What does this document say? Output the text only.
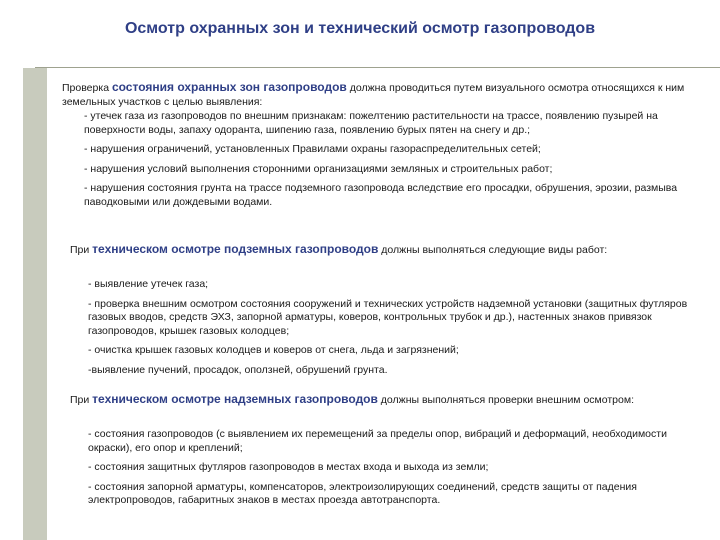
Осмотр охранных зон и технический осмотр газопроводов
Проверка состояния охранных зон газопроводов должна проводиться путем визуального осмотра относящихся к ним земельных участков с целью выявления:
- утечек газа из газопроводов по внешним признакам: пожелтению растительности на трассе, появлению пузырей на поверхности воды, запаху одоранта, шипению газа, появлению бурых пятен на снегу и др.;
- нарушения ограничений, установленных Правилами охраны газораспределительных сетей;
- нарушения условий выполнения сторонними организациями земляных и строительных работ;
- нарушения состояния грунта на трассе подземного газопровода вследствие его просадки, обрушения, эрозии, размыва паводковыми или дождевыми водами.
При техническом осмотре подземных газопроводов должны выполняться следующие виды работ:
- выявление утечек газа;
- проверка внешним осмотром состояния сооружений и технических устройств надземной установки (защитных футляров газовых вводов, средств ЭХЗ, запорной арматуры, коверов, контрольных трубок и др.), настенных знаков привязок газопроводов, крышек газовых колодцев;
- очистка крышек газовых колодцев и коверов от снега, льда и загрязнений;
-выявление пучений, просадок, оползней, обрушений грунта.
При техническом осмотре надземных газопроводов должны выполняться проверки внешним осмотром:
- состояния газопроводов (с выявлением их перемещений за пределы опор, вибраций и деформаций, необходимости окраски), его опор и креплений;
- состояния защитных футляров газопроводов в местах входа и выхода из земли;
- состояния запорной арматуры, компенсаторов, электроизолирующих соединений, средств защиты от падения электропроводов, габаритных знаков в местах проезда автотранспорта.
